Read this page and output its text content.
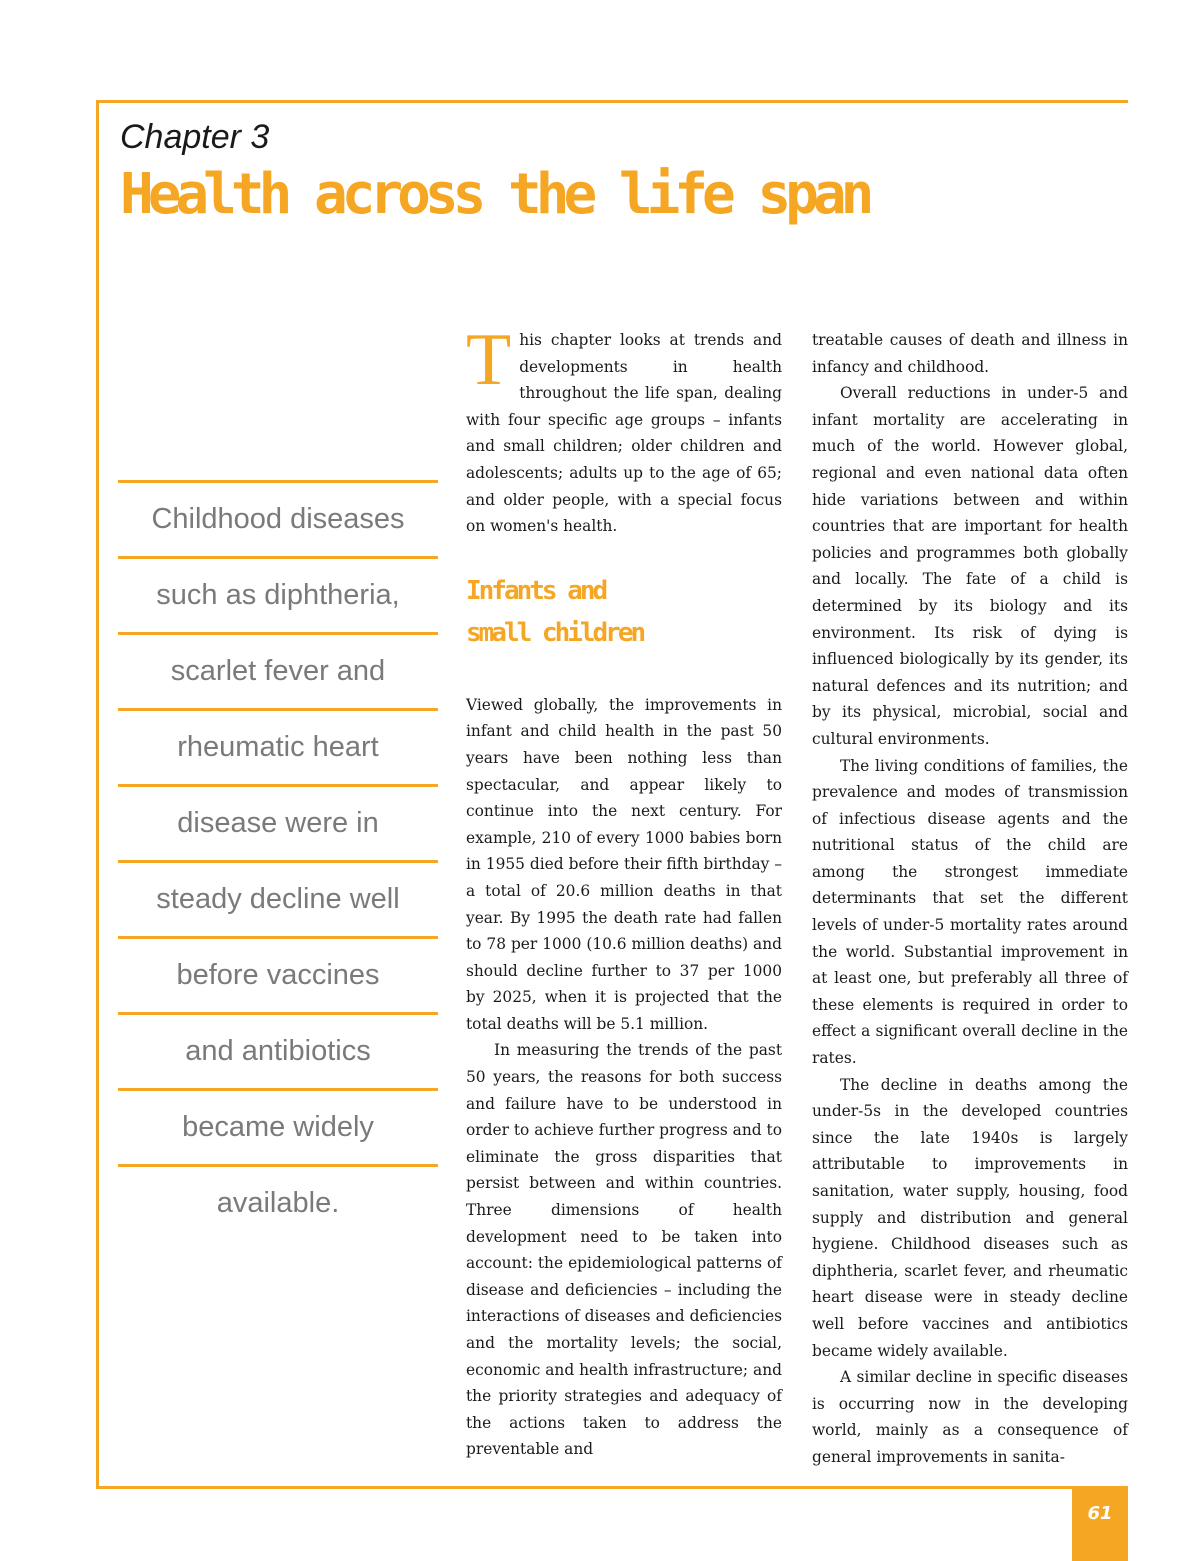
Chapter 3
Health across the life span
Childhood diseases
such as diphtheria,
scarlet fever and
rheumatic heart
disease were in
steady decline well
before vaccines
and antibiotics
became widely
available.

This chapter looks at trends and developments in health throughout the life span, dealing with four specific age groups – infants and small children; older children and adolescents; adults up to the age of 65; and older people, with a special focus on women's health.

Infants and
small children

Viewed globally, the improvements in infant and child health in the past 50 years have been nothing less than spectacular, and appear likely to continue into the next century. For example, 210 of every 1000 babies born in 1955 died before their fifth birthday – a total of 20.6 million deaths in that year. By 1995 the death rate had fallen to 78 per 1000 (10.6 million deaths) and should decline further to 37 per 1000 by 2025, when it is projected that the total deaths will be 5.1 million.

In measuring the trends of the past 50 years, the reasons for both success and failure have to be understood in order to achieve further progress and to eliminate the gross disparities that persist between and within countries. Three dimensions of health development need to be taken into account: the epidemiological patterns of disease and deficiencies – including the interactions of diseases and deficiencies and the mortality levels; the social, economic and health infrastructure; and the priority strategies and adequacy of the actions taken to address the preventable and

treatable causes of death and illness in infancy and childhood.

Overall reductions in under-5 and infant mortality are accelerating in much of the world. However global, regional and even national data often hide variations between and within countries that are important for health policies and programmes both globally and locally. The fate of a child is determined by its biology and its environment. Its risk of dying is influenced biologically by its gender, its natural defences and its nutrition; and by its physical, microbial, social and cultural environments.

The living conditions of families, the prevalence and modes of transmission of infectious disease agents and the nutritional status of the child are among the strongest immediate determinants that set the different levels of under-5 mortality rates around the world. Substantial improvement in at least one, but preferably all three of these elements is required in order to effect a significant overall decline in the rates.

The decline in deaths among the under-5s in the developed countries since the late 1940s is largely attributable to improvements in sanitation, water supply, housing, food supply and distribution and general hygiene. Childhood diseases such as diphtheria, scarlet fever, and rheumatic heart disease were in steady decline well before vaccines and antibiotics became widely available.

A similar decline in specific diseases is occurring now in the developing world, mainly as a consequence of general improvements in sanita-

61
